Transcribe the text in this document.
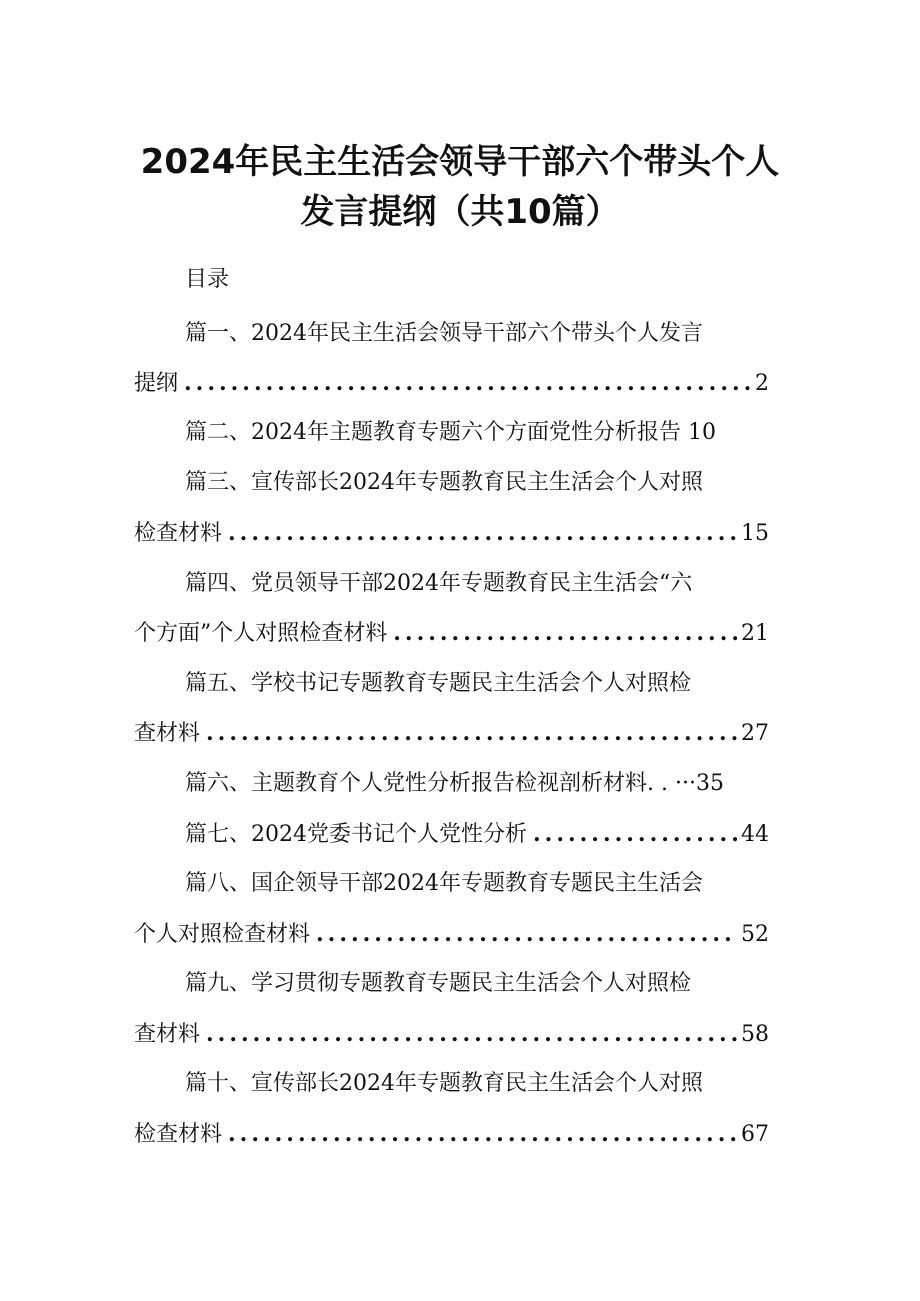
2024年民主生活会领导干部六个带头个人
发言提纲（共10篇）
目录
篇一、2024年民主生活会领导干部六个带头个人发言
提纲 .....	2
篇二、2024年主题教育专题六个方面党性分析报告 10
篇三、宣传部长2024年专题教育民主生活会个人对照
检查材料 .....	15
篇四、党员领导干部2024年专题教育民主生活会“六
个方面”个人对照检查材料 .....	21
篇五、学校书记专题教育专题民主生活会个人对照检
查材料 .....	27
篇六、主题教育个人党性分析报告检视剖析材料. . ···35
篇七、2024党委书记个人党性分析 .....	44
篇八、国企领导干部2024年专题教育专题民主生活会
个人对照检查材料 .....	52
篇九、学习贯彻专题教育专题民主生活会个人对照检
查材料 .....	58
篇十、宣传部长2024年专题教育民主生活会个人对照
检查材料 .....	67
